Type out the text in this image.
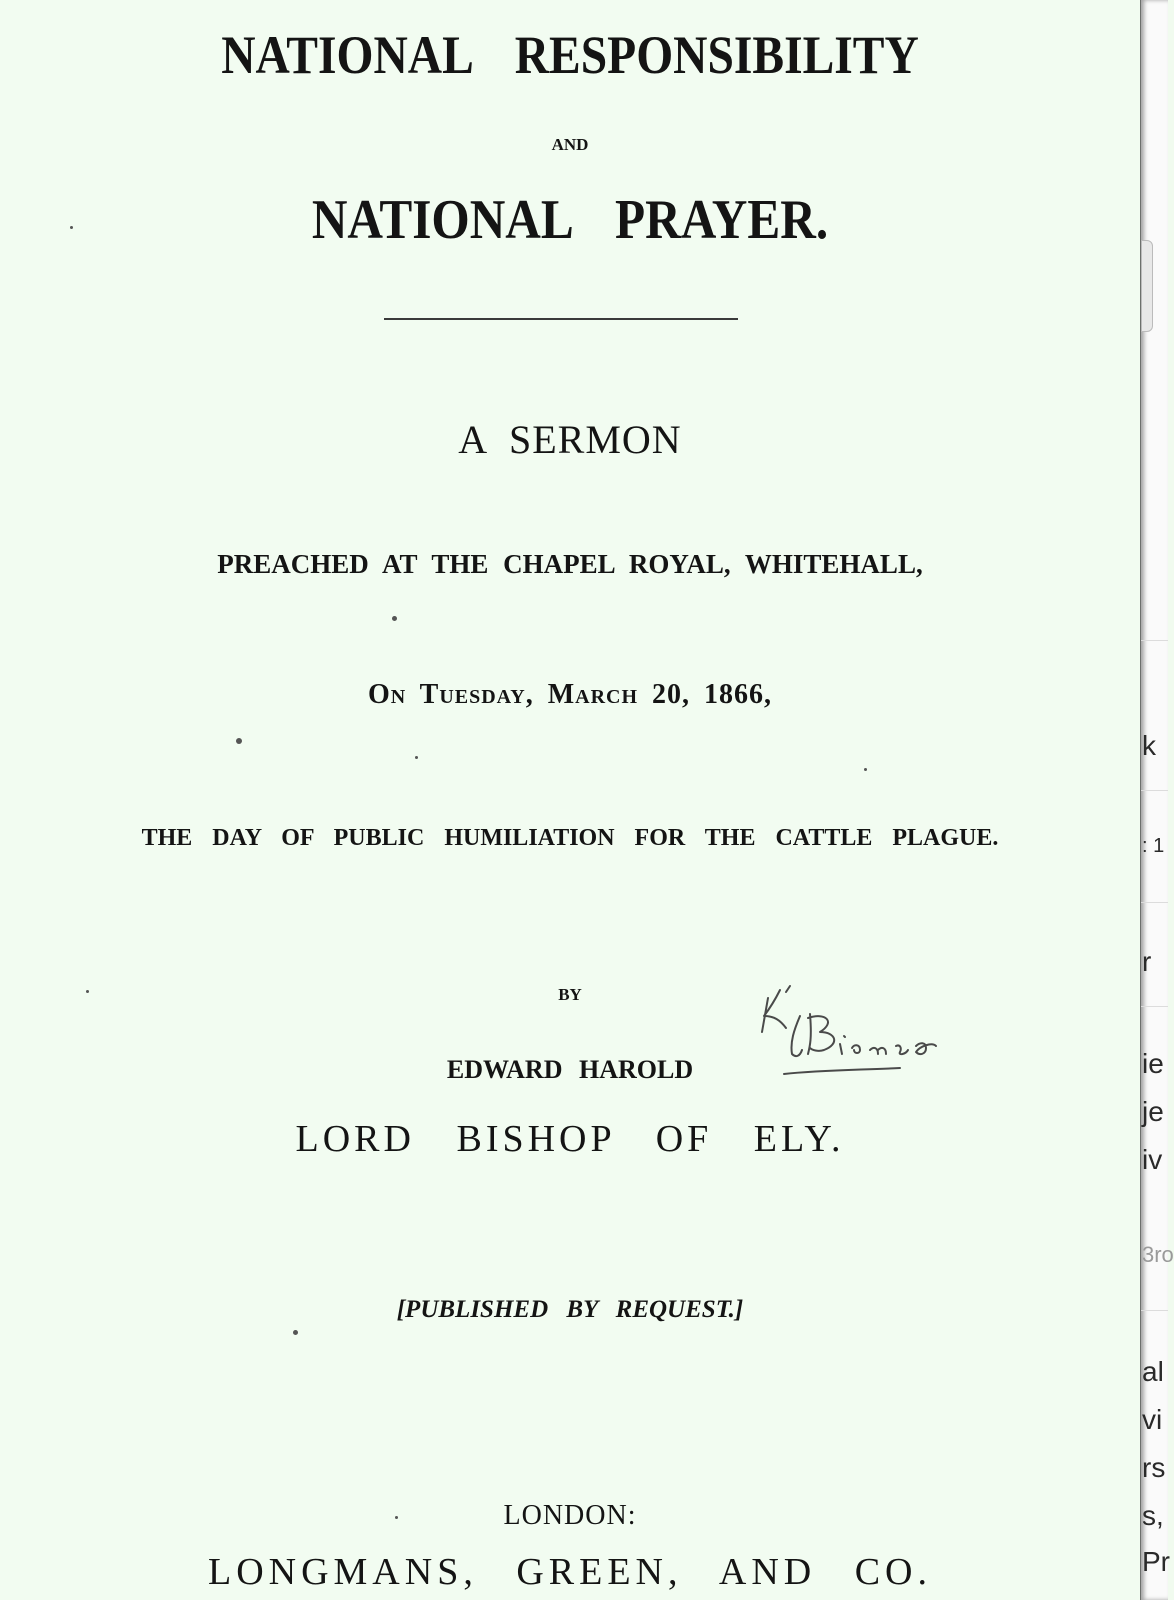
NATIONAL RESPONSIBILITY
AND
NATIONAL PRAYER.
A SERMON
PREACHED AT THE CHAPEL ROYAL, WHITEHALL,
On Tuesday, March 20, 1866,
THE DAY OF PUBLIC HUMILIATION FOR THE CATTLE PLAGUE.
BY
EDWARD HAROLD
LORD BISHOP OF ELY.
[PUBLISHED BY REQUEST.]
LONDON:
LONGMANS, GREEN, AND CO.
k
: 1
r
ie
je
iv
3ro
al
vi
rs
s,
Pr
